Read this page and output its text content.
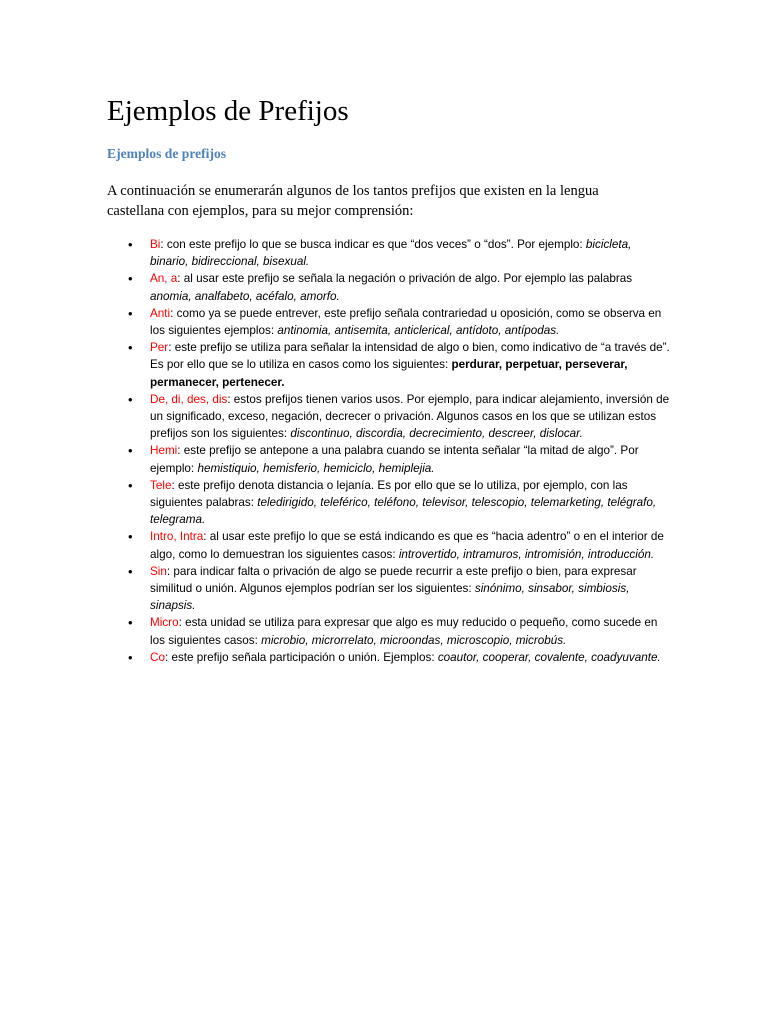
Ejemplos de Prefijos
Ejemplos de prefijos

A continuación se enumerarán algunos de los tantos prefijos que existen en la lengua castellana con ejemplos, para su mejor comprensión:

• Bi: con este prefijo lo que se busca indicar es que “dos veces” o “dos”. Por ejemplo: bicicleta, binario, bidireccional, bisexual.
• An, a: al usar este prefijo se señala la negación o privación de algo. Por ejemplo las palabras anomia, analfabeto, acéfalo, amorfo.
• Anti: como ya se puede entrever, este prefijo señala contrariedad u oposición, como se observa en los siguientes ejemplos: antinomia, antisemita, anticlerical, antídoto, antípodas.
• Per: este prefijo se utiliza para señalar la intensidad de algo o bien, como indicativo de “a través de”. Es por ello que se lo utiliza en casos como los siguientes: perdurar, perpetuar, perseverar, permanecer, pertenecer.
• De, di, des, dis: estos prefijos tienen varios usos. Por ejemplo, para indicar alejamiento, inversión de un significado, exceso, negación, decrecer o privación. Algunos casos en los que se utilizan estos prefijos son los siguientes: discontinuo, discordia, decrecimiento, descreer, dislocar.
• Hemi: este prefijo se antepone a una palabra cuando se intenta señalar “la mitad de algo”. Por ejemplo: hemistiquio, hemisferio, hemiciclo, hemiplejia.
• Tele: este prefijo denota distancia o lejanía. Es por ello que se lo utiliza, por ejemplo, con las siguientes palabras: teledirigido, teleférico, teléfono, televisor, telescopio, telemarketing, telégrafo, telegrama.
• Intro, Intra: al usar este prefijo lo que se está indicando es que es “hacia adentro” o en el interior de algo, como lo demuestran los siguientes casos: introvertido, intramuros, intromisión, introducción.
• Sin: para indicar falta o privación de algo se puede recurrir a este prefijo o bien, para expresar similitud o unión. Algunos ejemplos podrían ser los siguientes: sinónimo, sinsabor, simbiosis, sinapsis.
• Micro: esta unidad se utiliza para expresar que algo es muy reducido o pequeño, como sucede en los siguientes casos: microbio, microrrelato, microondas, microscopio, microbús.
• Co: este prefijo señala participación o unión. Ejemplos: coautor, cooperar, covalente, coadyuvante.
